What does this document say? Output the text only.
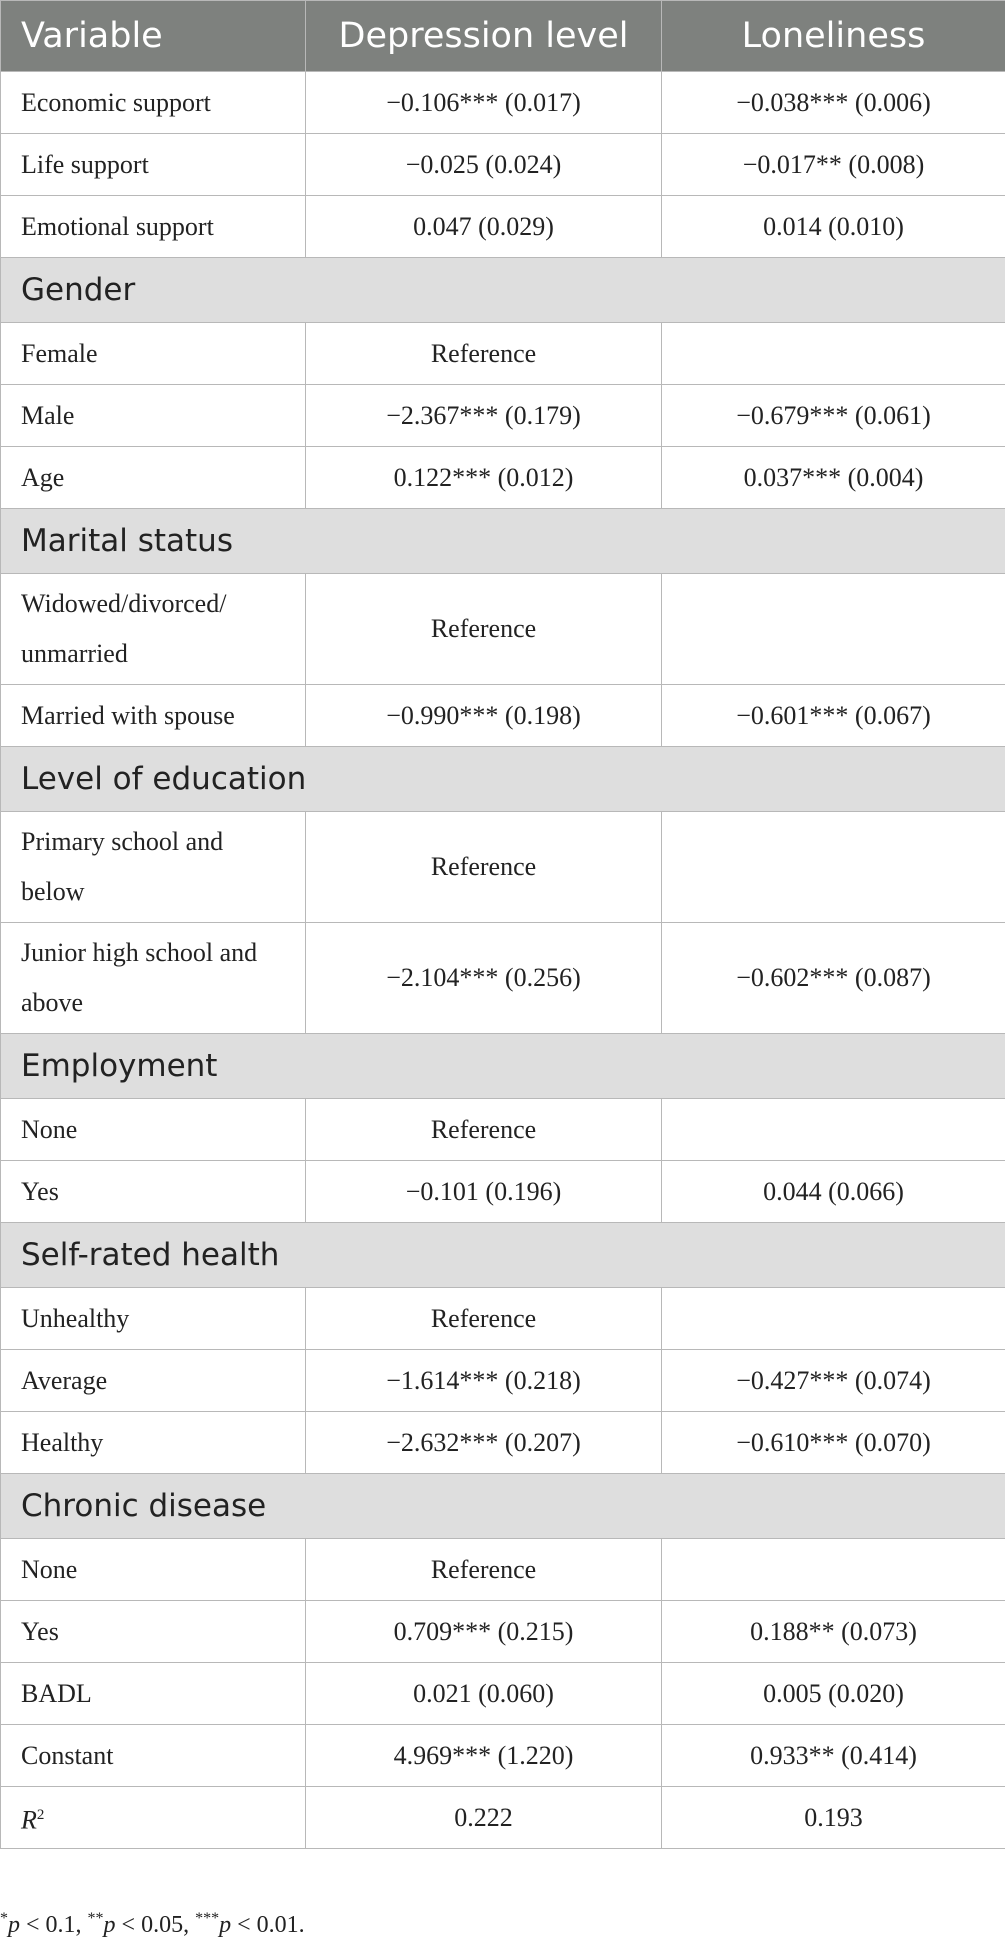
Variable	Depression level	Loneliness
Economic support	−0.106*** (0.017)	−0.038*** (0.006)
Life support	−0.025 (0.024)	−0.017** (0.008)
Emotional support	0.047 (0.029)	0.014 (0.010)
Gender		
Female	Reference	
Male	−2.367*** (0.179)	−0.679*** (0.061)
Age	0.122*** (0.012)	0.037*** (0.004)
Marital status		
Widowed/divorced/ unmarried	Reference	
Married with spouse	−0.990*** (0.198)	−0.601*** (0.067)
Level of education		
Primary school and below	Reference	
Junior high school and above	−2.104*** (0.256)	−0.602*** (0.087)
Employment		
None	Reference	
Yes	−0.101 (0.196)	0.044 (0.066)
Self-rated health		
Unhealthy	Reference	
Average	−1.614*** (0.218)	−0.427*** (0.074)
Healthy	−2.632*** (0.207)	−0.610*** (0.070)
Chronic disease		
None	Reference	
Yes	0.709*** (0.215)	0.188** (0.073)
BADL	0.021 (0.060)	0.005 (0.020)
Constant	4.969*** (1.220)	0.933** (0.414)
$R^2$	0.222	0.193
*p < 0.1, **p < 0.05, ***p < 0.01.
